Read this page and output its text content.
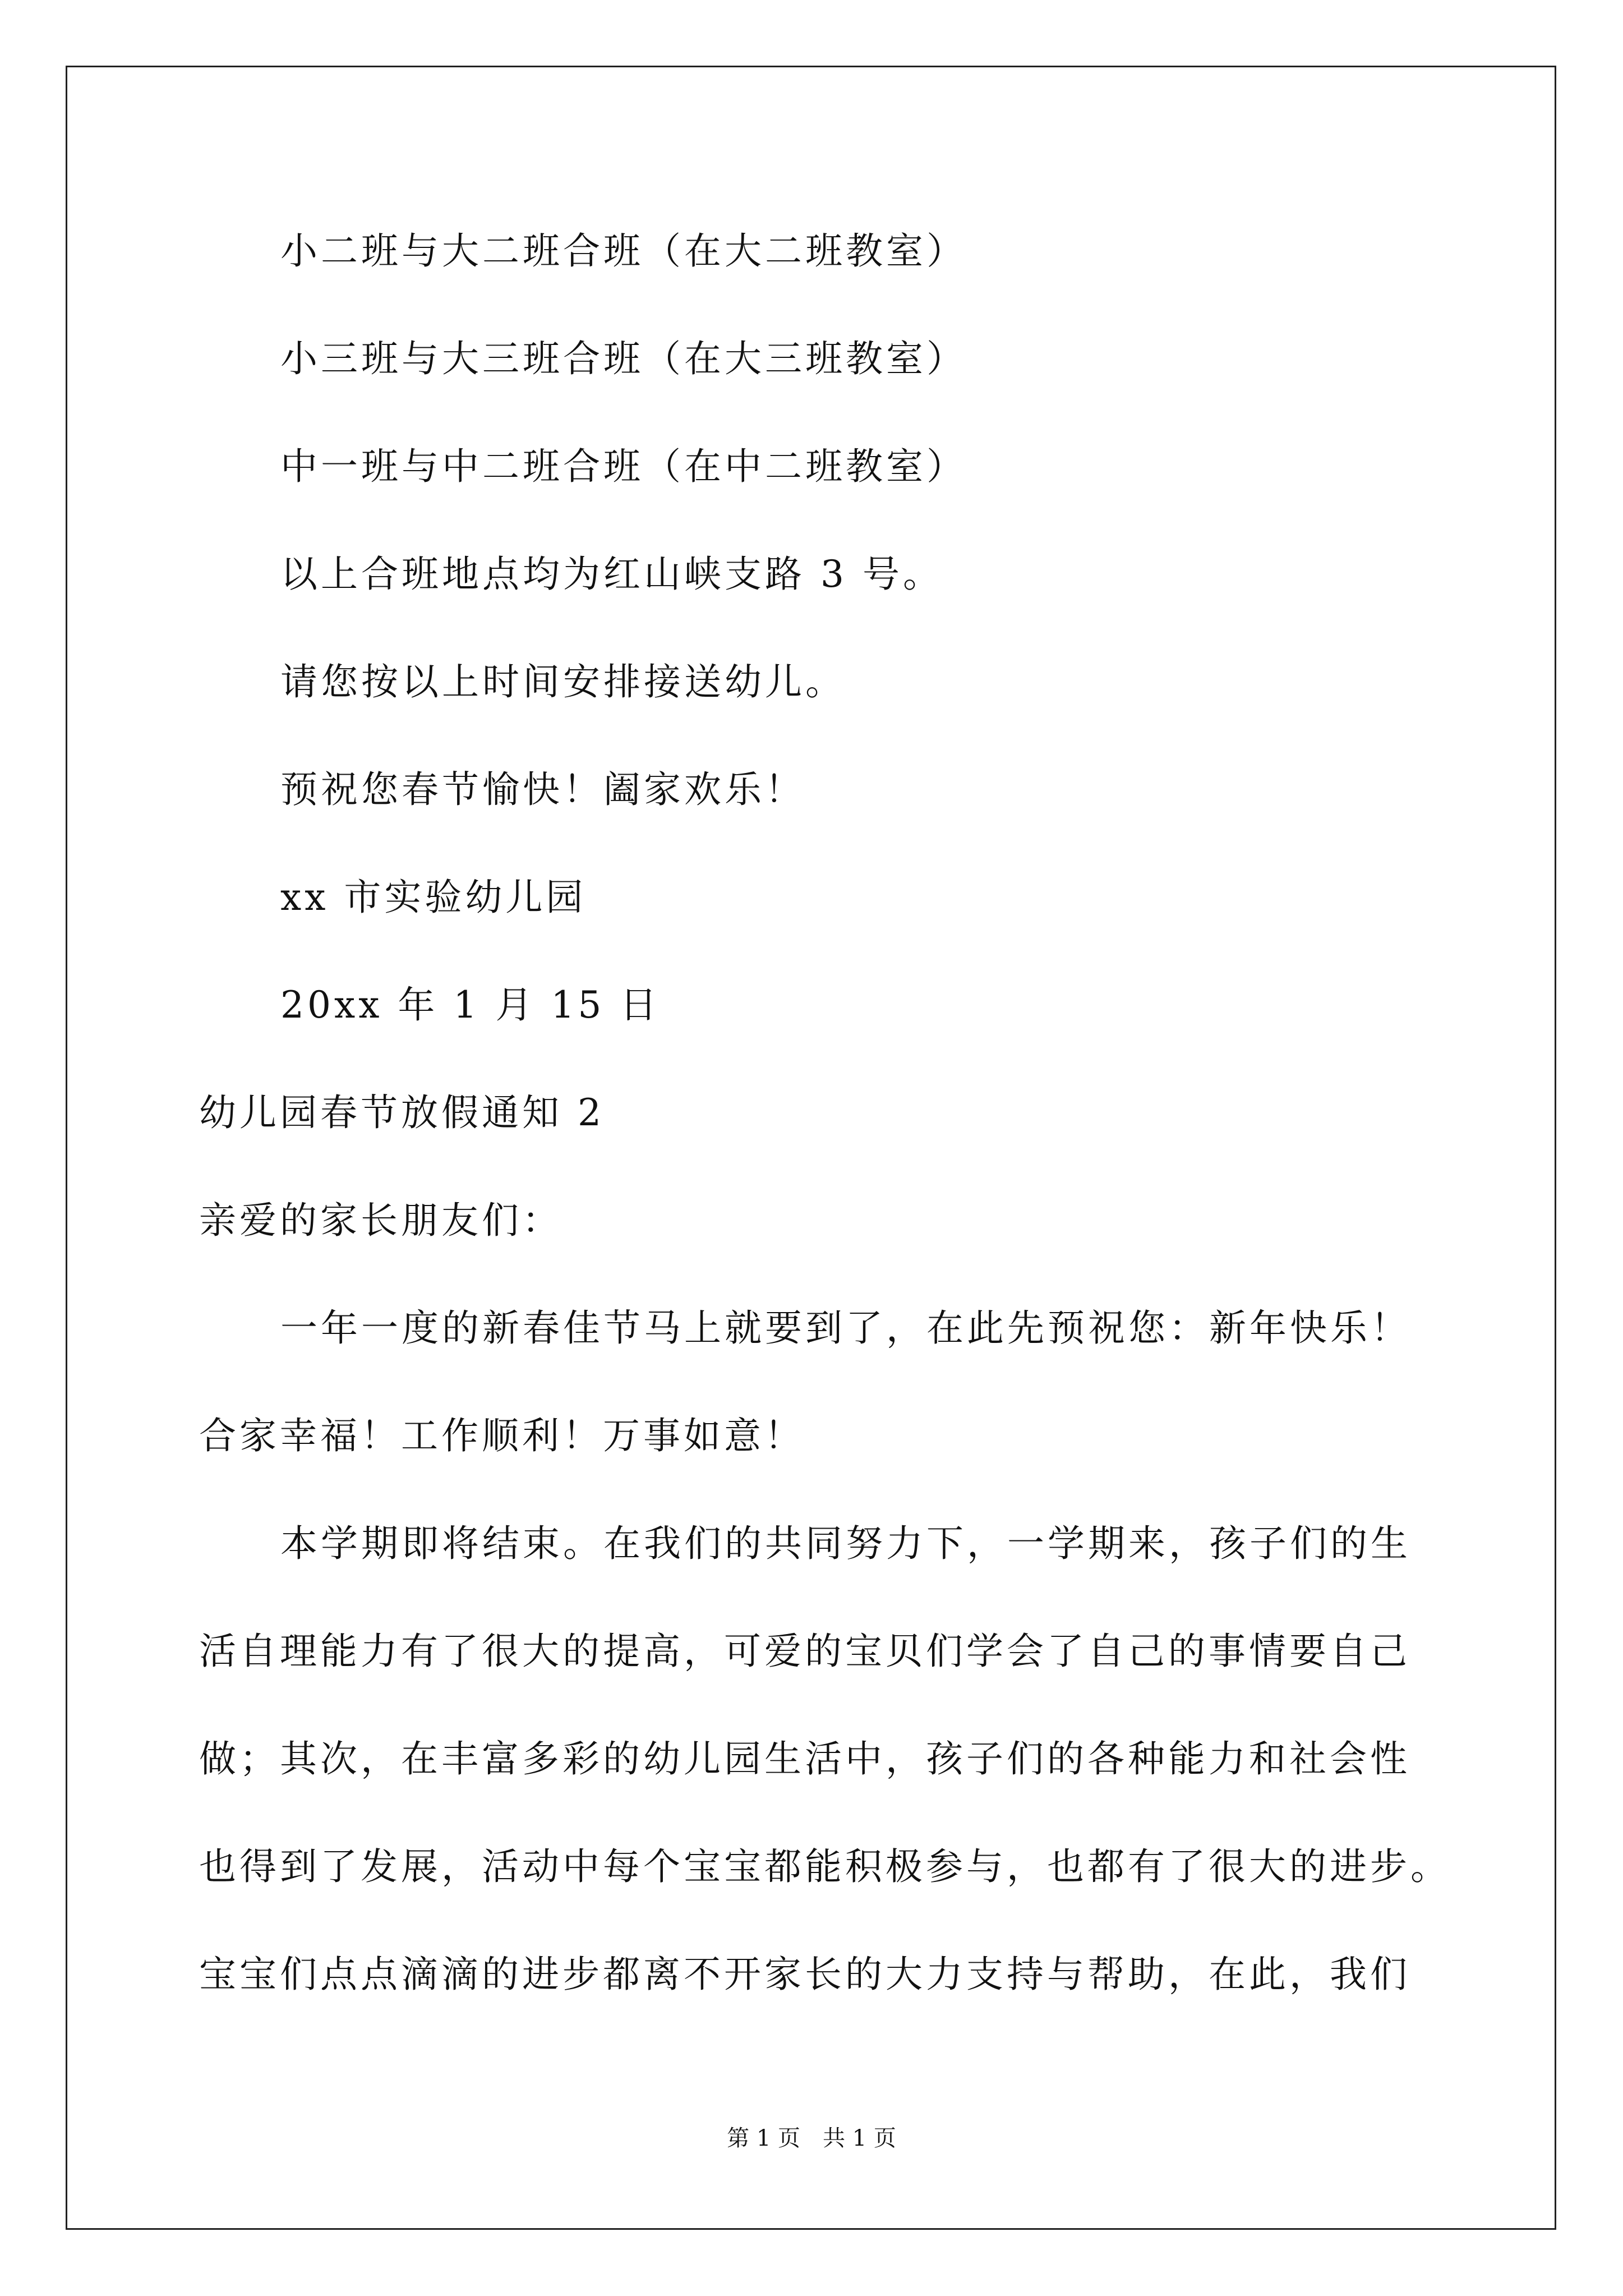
小二班与大二班合班（在大二班教室）
小三班与大三班合班（在大三班教室）
中一班与中二班合班（在中二班教室）
以上合班地点均为红山峡支路 3 号。
请您按以上时间安排接送幼儿。
预祝您春节愉快！阖家欢乐！
xx 市实验幼儿园
20xx 年 1 月 15 日
幼儿园春节放假通知 2
亲爱的家长朋友们：
一年一度的新春佳节马上就要到了，在此先预祝您：新年快乐！
合家幸福！工作顺利！万事如意！
本学期即将结束。在我们的共同努力下，一学期来，孩子们的生
活自理能力有了很大的提高，可爱的宝贝们学会了自己的事情要自己
做；其次，在丰富多彩的幼儿园生活中，孩子们的各种能力和社会性
也得到了发展，活动中每个宝宝都能积极参与，也都有了很大的进步。
宝宝们点点滴滴的进步都离不开家长的大力支持与帮助，在此，我们
第 1 页　共 1 页
